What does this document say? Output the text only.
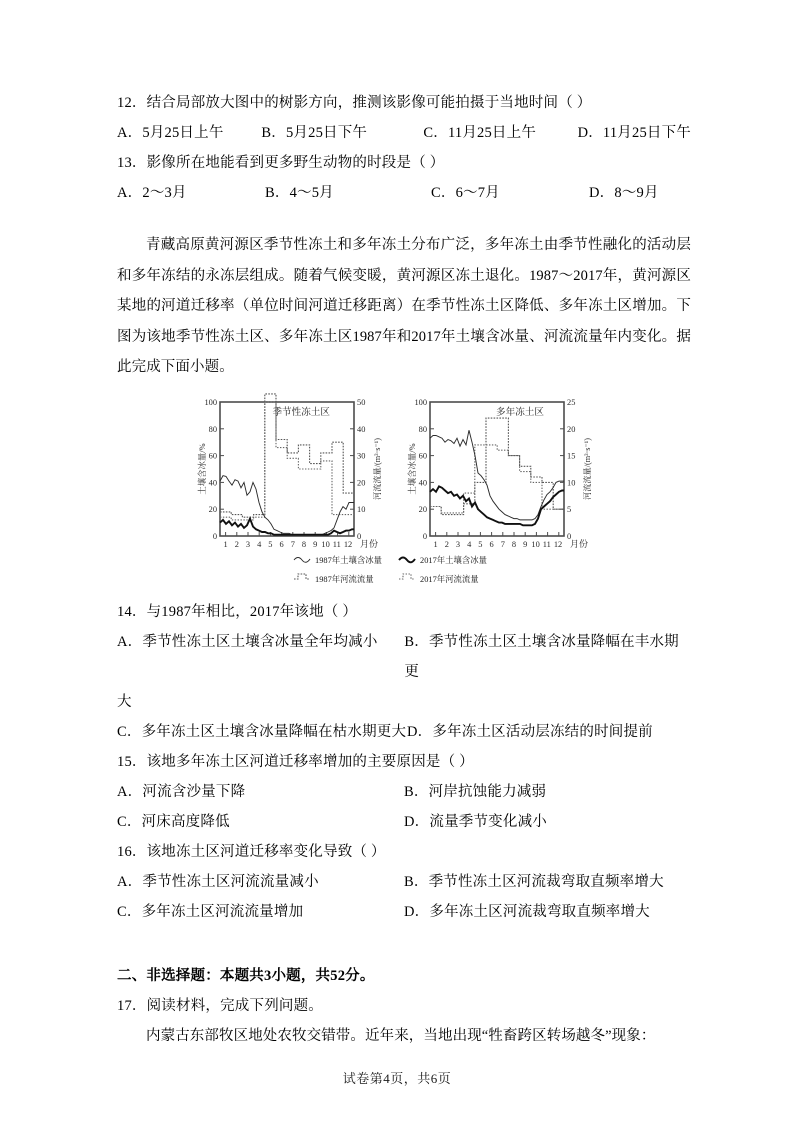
12．结合局部放大图中的树影方向，推测该影像可能拍摄于当地时间（ ）
A．5月25日上午	B．5月25日下午	C．11月25日上午	D．11月25日下午
13．影像所在地能看到更多野生动物的时段是（ ）
A．2～3月	B．4～5月	C．6～7月	D．8～9月
青藏高原黄河源区季节性冻土和多年冻土分布广泛，多年冻土由季节性融化的活动层和多年冻结的永冻层组成。随着气候变暖，黄河源区冻土退化。1987～2017年，黄河源区某地的河道迁移率（单位时间河道迁移距离）在季节性冻土区降低、多年冻土区增加。下图为该地季节性冻土区、多年冻土区1987年和2017年土壤含冰量、河流流量年内变化。据此完成下面小题。
0
20
40
60
80
100
土壤含冰量/%
0
10
20
30
40
50
河流流量/(m³·s⁻¹)
1 2 3 4 5 6 7 8 9 10 11 12 月份
季节性冻土区
0
20
40
60
80
100
土壤含冰量/%
0
5
10
15
20
25
河流流量/(m³·s⁻¹)
1 2 3 4 5 6 7 8 9 10 11 12 月份
多年冻土区
1987年土壤含冰量	2017年土壤含冰量
1987年河流流量	2017年河流流量
14．与1987年相比，2017年该地（ ）
A．季节性冻土区土壤含冰量全年均减小	B．季节性冻土区土壤含冰量降幅在丰水期更
大
C．多年冻土区土壤含冰量降幅在枯水期更大 D．多年冻土区活动层冻结的时间提前
15．该地多年冻土区河道迁移率增加的主要原因是（ ）
A．河流含沙量下降	B．河岸抗蚀能力减弱
C．河床高度降低	D．流量季节变化减小
16．该地冻土区河道迁移率变化导致（ ）
A．季节性冻土区河流流量减小	B．季节性冻土区河流裁弯取直频率增大
C．多年冻土区河流流量增加	D．多年冻土区河流裁弯取直频率增大
二、非选择题：本题共3小题，共52分。
17．阅读材料，完成下列问题。
内蒙古东部牧区地处农牧交错带。近年来，当地出现“牲畜跨区转场越冬”现象：
试卷第4页，共6页
